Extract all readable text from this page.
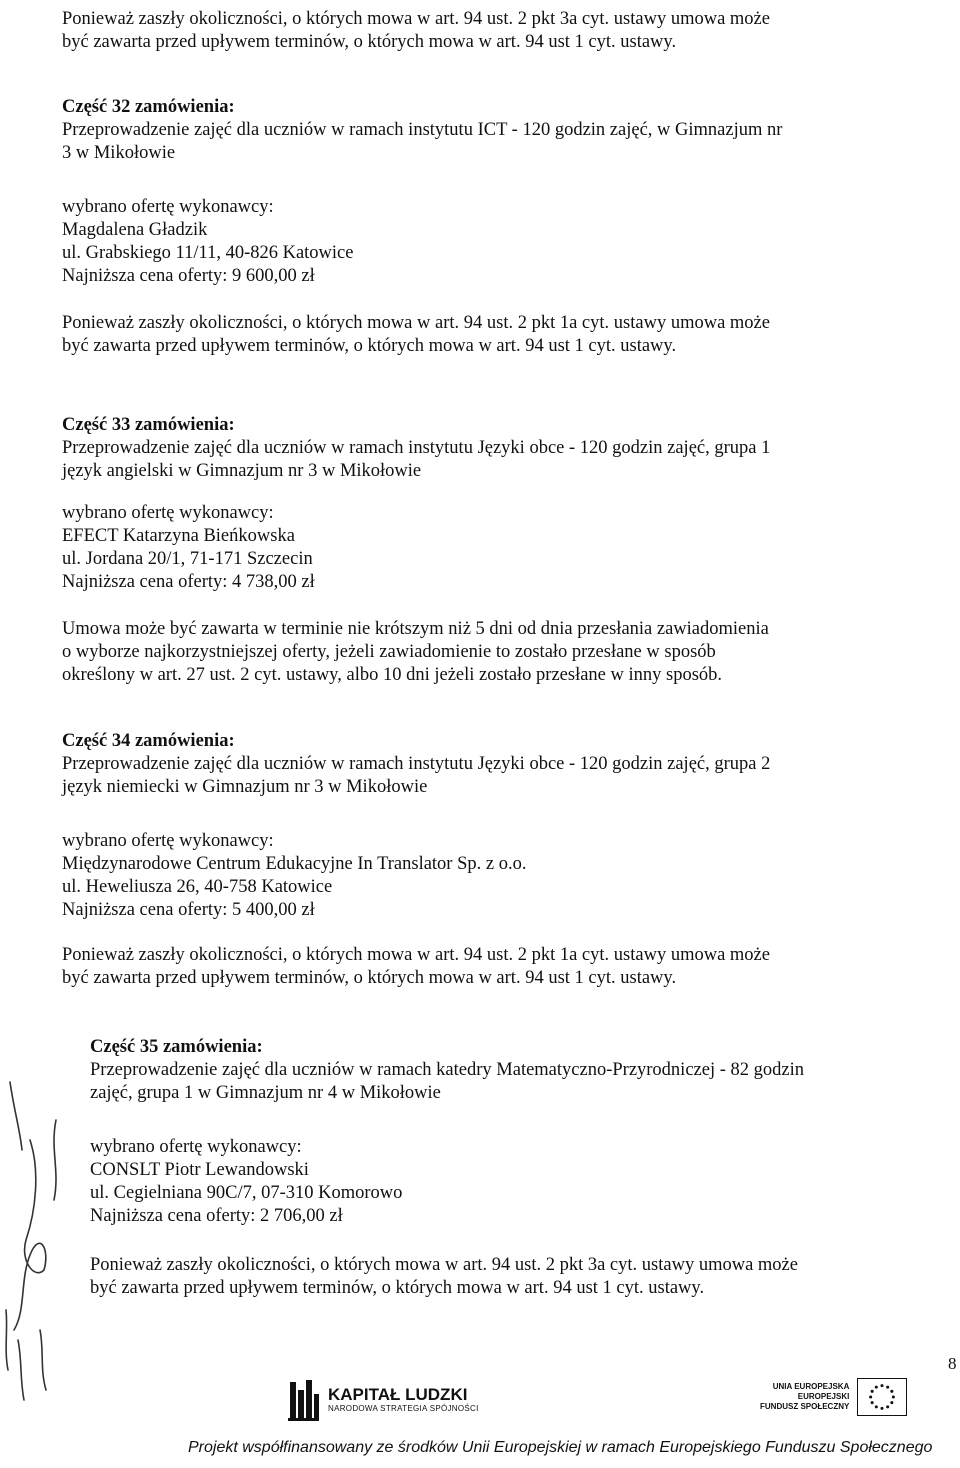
Ponieważ zaszły okoliczności, o których mowa w art. 94 ust. 2 pkt 3a cyt. ustawy umowa może

być zawarta przed upływem terminów, o których mowa w art. 94 ust 1 cyt. ustawy.

Część 32 zamówienia:

Przeprowadzenie zajęć dla uczniów w ramach instytutu ICT - 120 godzin zajęć, w Gimnazjum nr

3 w Mikołowie

wybrano ofertę wykonawcy:

Magdalena Gładzik

ul. Grabskiego 11/11, 40-826 Katowice

Najniższa cena oferty: 9 600,00 zł

Ponieważ zaszły okoliczności, o których mowa w art. 94 ust. 2 pkt 1a cyt. ustawy umowa może

być zawarta przed upływem terminów, o których mowa w art. 94 ust 1 cyt. ustawy.

Część 33 zamówienia:

Przeprowadzenie zajęć dla uczniów w ramach instytutu Języki obce - 120 godzin zajęć, grupa 1

język angielski w Gimnazjum nr 3 w Mikołowie

wybrano ofertę wykonawcy:

EFECT Katarzyna Bieńkowska

ul. Jordana 20/1, 71-171 Szczecin

Najniższa cena oferty: 4 738,00 zł

Umowa może być zawarta w terminie nie krótszym niż 5 dni od dnia przesłania zawiadomienia

o wyborze najkorzystniejszej oferty, jeżeli zawiadomienie to zostało przesłane w sposób

określony w art. 27 ust. 2 cyt. ustawy, albo 10 dni jeżeli zostało przesłane w inny sposób.

Część 34 zamówienia:

Przeprowadzenie zajęć dla uczniów w ramach instytutu Języki obce - 120 godzin zajęć, grupa 2

język niemiecki w Gimnazjum nr 3 w Mikołowie

wybrano ofertę wykonawcy:

Międzynarodowe Centrum Edukacyjne In Translator Sp. z o.o.

ul. Heweliusza 26, 40-758 Katowice

Najniższa cena oferty: 5 400,00 zł

Ponieważ zaszły okoliczności, o których mowa w art. 94 ust. 2 pkt 1a cyt. ustawy umowa może

być zawarta przed upływem terminów, o których mowa w art. 94 ust 1 cyt. ustawy.

Część 35 zamówienia:

Przeprowadzenie zajęć dla uczniów w ramach katedry Matematyczno-Przyrodniczej - 82 godzin

zajęć, grupa 1 w Gimnazjum nr 4 w Mikołowie

wybrano ofertę wykonawcy:

CONSLT Piotr Lewandowski

ul. Cegielniana 90C/7, 07-310 Komorowo

Najniższa cena oferty: 2 706,00 zł

Ponieważ zaszły okoliczności, o których mowa w art. 94 ust. 2 pkt 3a cyt. ustawy umowa może

być zawarta przed upływem terminów, o których mowa w art. 94 ust 1 cyt. ustawy.

8
KAPITAŁ LUDZKI
NARODOWA STRATEGIA SPÓJNOŚCI
UNIA EUROPEJSKA
EUROPEJSKI
FUNDUSZ SPOŁECZNY
Projekt współfinansowany ze środków Unii Europejskiej w ramach Europejskiego Funduszu Społecznego
